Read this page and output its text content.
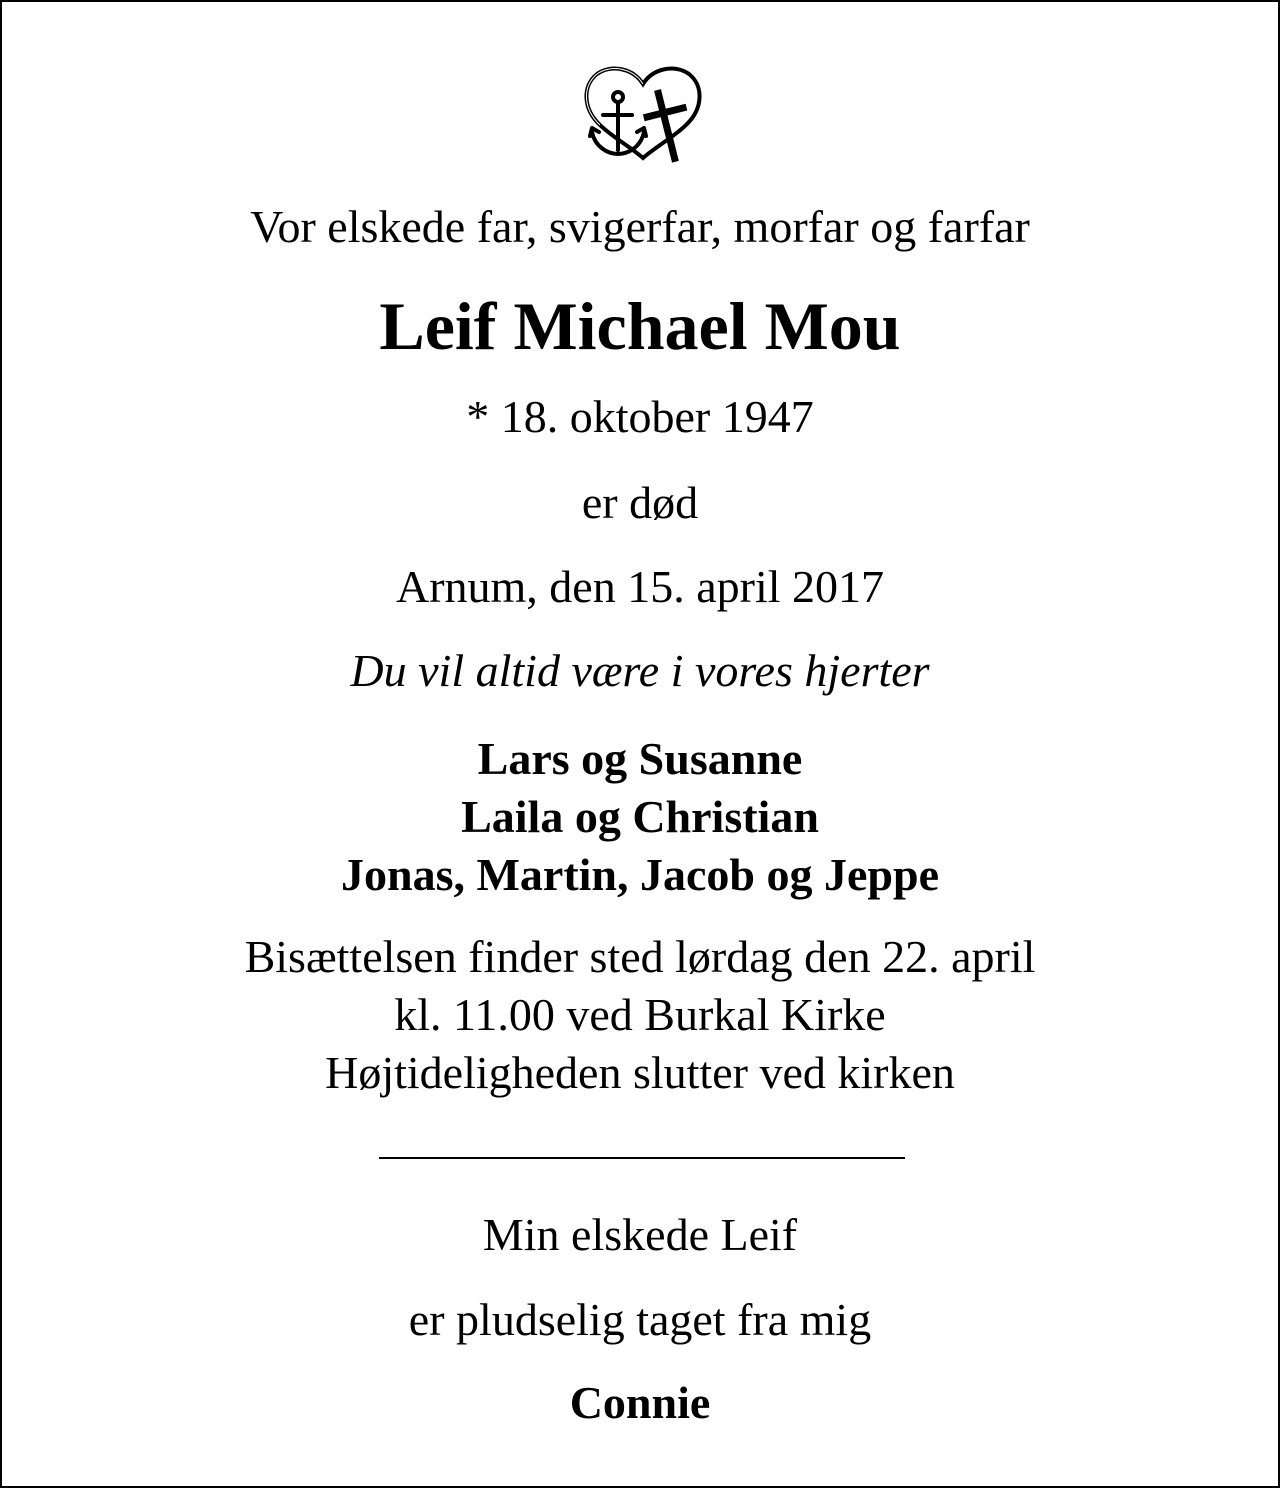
Vor elskede far, svigerfar, morfar og farfar
Leif Michael Mou
* 18. oktober 1947
er død
Arnum, den 15. april 2017
Du vil altid være i vores hjerter
Lars og Susanne
Laila og Christian
Jonas, Martin, Jacob og Jeppe
Bisættelsen finder sted lørdag den 22. april
kl. 11.00 ved Burkal Kirke
Højtideligheden slutter ved kirken
Min elskede Leif
er pludselig taget fra mig
Connie
